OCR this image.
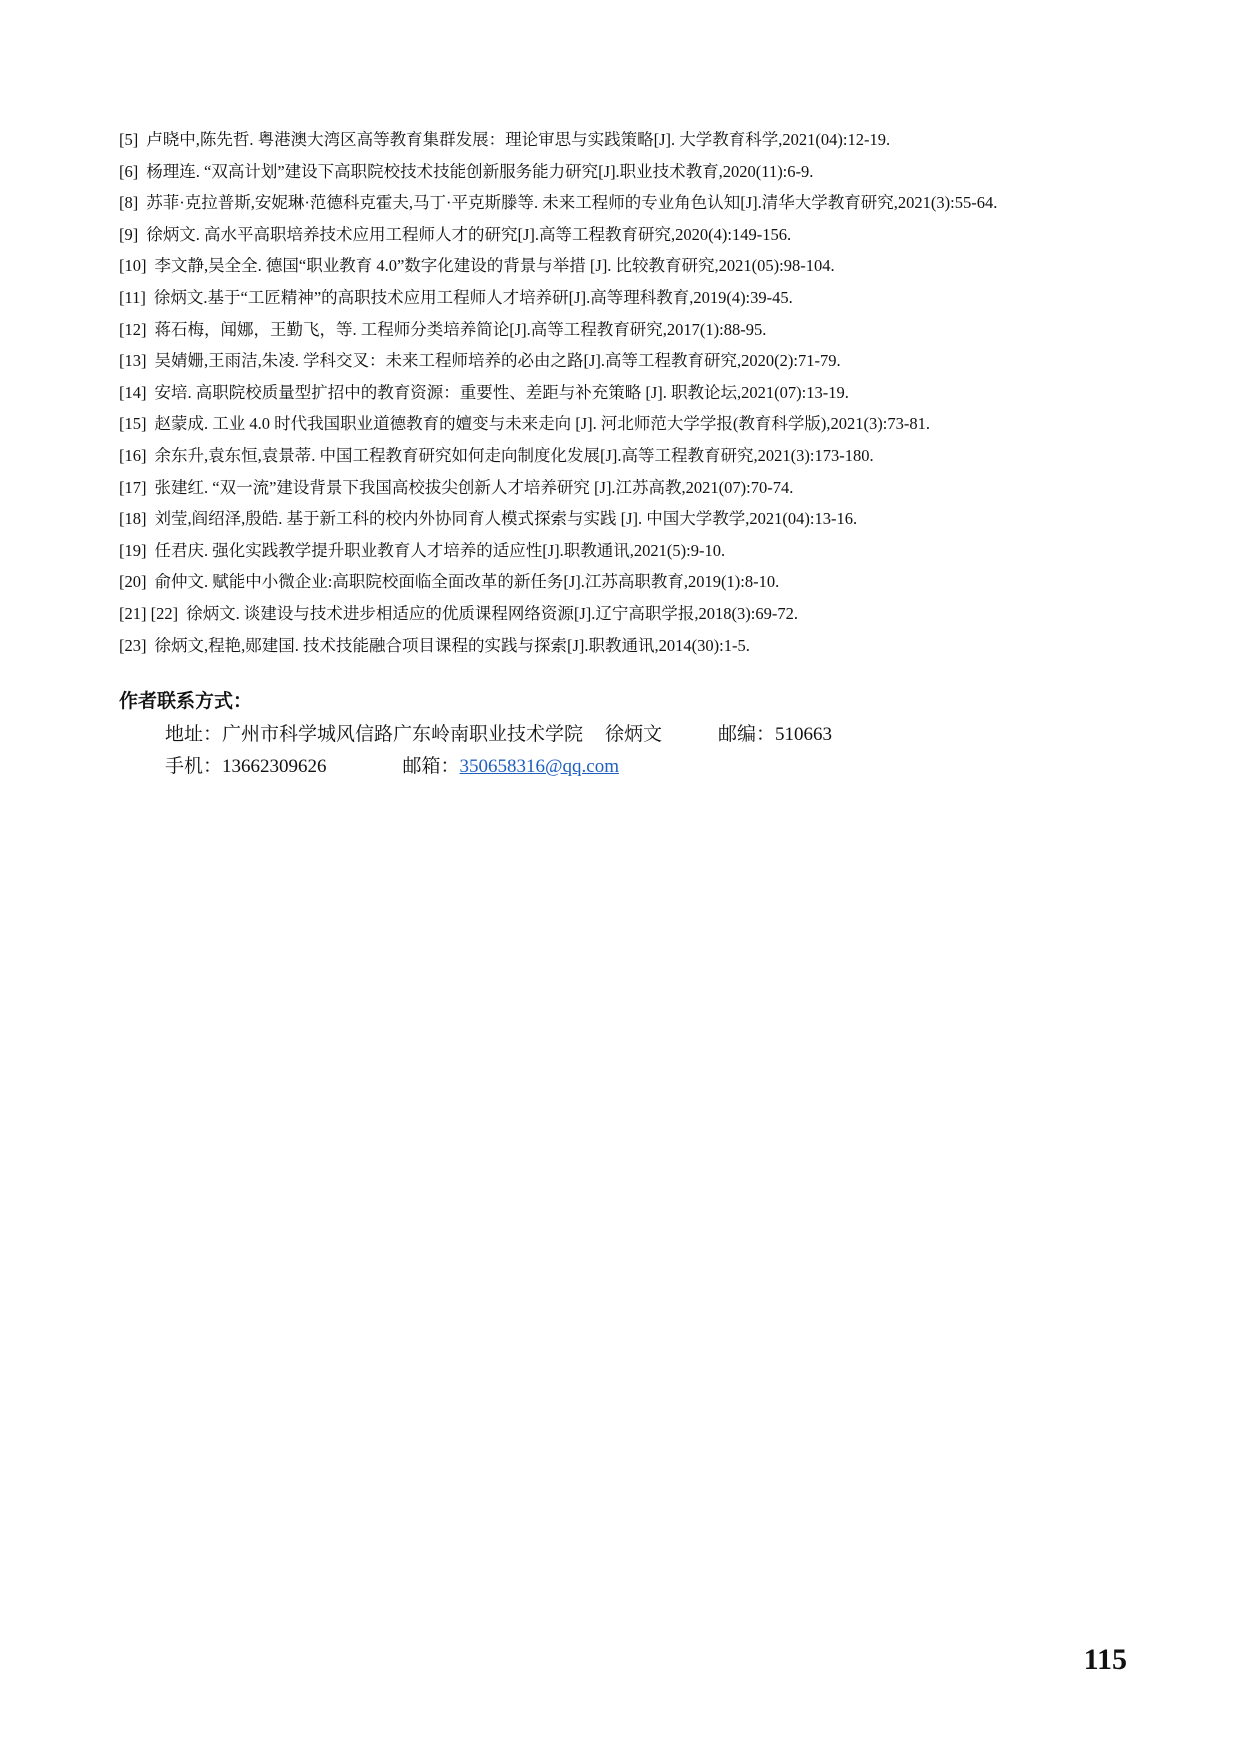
[5] 卢晓中,陈先哲. 粤港澳大湾区高等教育集群发展：理论审思与实践策略[J]. 大学教育科学,2021(04):12-19.
[6] 杨理连. “双高计划”建设下高职院校技术技能创新服务能力研究[J].职业技术教育,2020(11):6-9.
[8] 苏菲·克拉普斯,安妮琳·范德科克霍夫,马丁·平克斯滕等. 未来工程师的专业角色认知[J].清华大学教育研究,2021(3):55-64.
[9] 徐炳文. 高水平高职培养技术应用工程师人才的研究[J].高等工程教育研究,2020(4):149-156.
[10] 李文静,吴全全. 德国“职业教育 4.0”数字化建设的背景与举措 [J]. 比较教育研究,2021(05):98-104.
[11] 徐炳文.基于“工匠精神”的高职技术应用工程师人才培养研[J].高等理科教育,2019(4):39-45.
[12] 蒋石梅，闻娜，王勤飞，等. 工程师分类培养简论[J].高等工程教育研究,2017(1):88-95.
[13] 吴婧姗,王雨洁,朱凌. 学科交叉：未来工程师培养的必由之路[J].高等工程教育研究,2020(2):71-79.
[14] 安培. 高职院校质量型扩招中的教育资源：重要性、差距与补充策略 [J]. 职教论坛,2021(07):13-19.
[15] 赵蒙成. 工业 4.0 时代我国职业道德教育的嬗变与未来走向 [J]. 河北师范大学学报(教育科学版),2021(3):73-81.
[16] 余东升,袁东恒,袁景蒂. 中国工程教育研究如何走向制度化发展[J].高等工程教育研究,2021(3):173-180.
[17] 张建红. “双一流”建设背景下我国高校拔尖创新人才培养研究 [J].江苏高教,2021(07):70-74.
[18] 刘莹,阎绍泽,殷皓. 基于新工科的校内外协同育人模式探索与实践 [J]. 中国大学教学,2021(04):13-16.
[19] 任君庆. 强化实践教学提升职业教育人才培养的适应性[J].职教通讯,2021(5):9-10.
[20] 俞仲文. 赋能中小微企业:高职院校面临全面改革的新任务[J].江苏高职教育,2019(1):8-10.
[21] [22] 徐炳文. 谈建设与技术进步相适应的优质课程网络资源[J].辽宁高职学报,2018(3):69-72.
[23] 徐炳文,程艳,郧建国. 技术技能融合项目课程的实践与探索[J].职教通讯,2014(30):1-5.
作者联系方式：
地址：广州市科学城风信路广东岭南职业技术学院 徐炳文	邮编：510663
手机：13662309626	邮箱：350658316@qq.com
115
